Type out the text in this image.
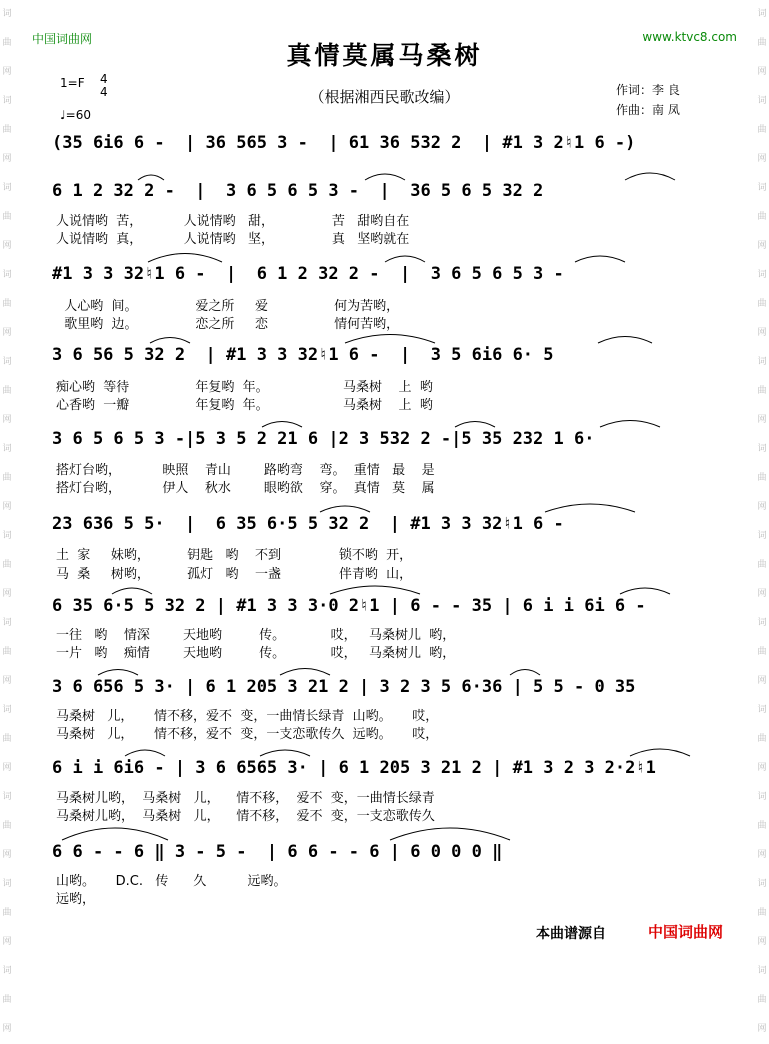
词曲网词曲网词曲网词曲网词曲网词曲网词曲网词曲网词曲网词曲网词曲网词曲网
词曲网词曲网词曲网词曲网词曲网词曲网词曲网词曲网词曲网词曲网词曲网词曲网
中国词曲网	www.ktvc8.com
真情莫属马桑树
（根据湘西民歌改编）	作词：李 良
作曲：南 凤
1=F 4
4
♩=60
(35 6i6 6 -  | 36 565 3 -  | 61 36 532 2  | #1 3 2♮1 6 -)
6 1 2 32 2 -  |  3 6 5 6 5 3 -  |  36 5 6 5 32 2
人说情哟  苦，          人说情哟   甜，              苦   甜哟自在
人说情哟  真，          人说情哟   坚，              真   坚哟就在
#1 3 3 32♮1 6 -  |  6 1 2 32 2 -  |  3 6 5 6 5 3 -
人心哟  间。              爱之所     爱                何为苦哟，
歌里哟  边。              恋之所     恋                情何苦哟，
3 6 56 5 32 2  | #1 3 3 32♮1 6 -  |  3 5 6i6 6· 5
痴心哟  等待                年复哟  年。                  马桑树    上  哟
心香哟  一瓣                年复哟  年。                  马桑树    上  哟
3 6 5 6 5 3 -|5 3 5 2 21 6 |2 3 532 2 -|5 35 232 1 6·
搭灯台哟，          映照    青山        路哟弯    弯。  重情   最    是
搭灯台哟，          伊人    秋水        眼哟欲    穿。  真情   莫    属
23 636 5 5·  |  6 35 6·5 5 32 2  | #1 3 3 32♮1 6 -
土  家     妹哟，         钥匙   哟    不到              锁不哟  开，
马  桑     树哟，         孤灯   哟    一盏              伴青哟  山，
6 35 6·5 5 32 2 | #1 3 3 3·0 2♮1 | 6 - - 35 | 6 i i 6i 6 -
一往   哟    情深        天地哟         传。           哎，   马桑树儿  哟，
一片   哟    痴情        天地哟         传。           哎，   马桑树儿  哟，
3 6 656 5 3· | 6 1 205 3 21 2 | 3 2 3 5 6·36 | 5 5 - 0 35
马桑树   儿，     情不移，爱不  变，一曲情长绿青  山哟。     哎，
马桑树   儿，     情不移，爱不  变，一支恋歌传久  远哟。     哎，
6 i i 6i6 - | 3 6 6565 3· | 6 1 205 3 21 2 | #1 3 2 3 2·2♮1
马桑树儿哟，  马桑树   儿，    情不移，  爱不  变，一曲情长绿青
马桑树儿哟，  马桑树   儿，    情不移，  爱不  变，一支恋歌传久
6 6 - - 6 ‖ 3 - 5 -  | 6 6 - - 6 | 6 0 0 0 ‖
山哟。     D.C.   传      久          远哟。
远哟，
本曲谱源自	中国词曲网
